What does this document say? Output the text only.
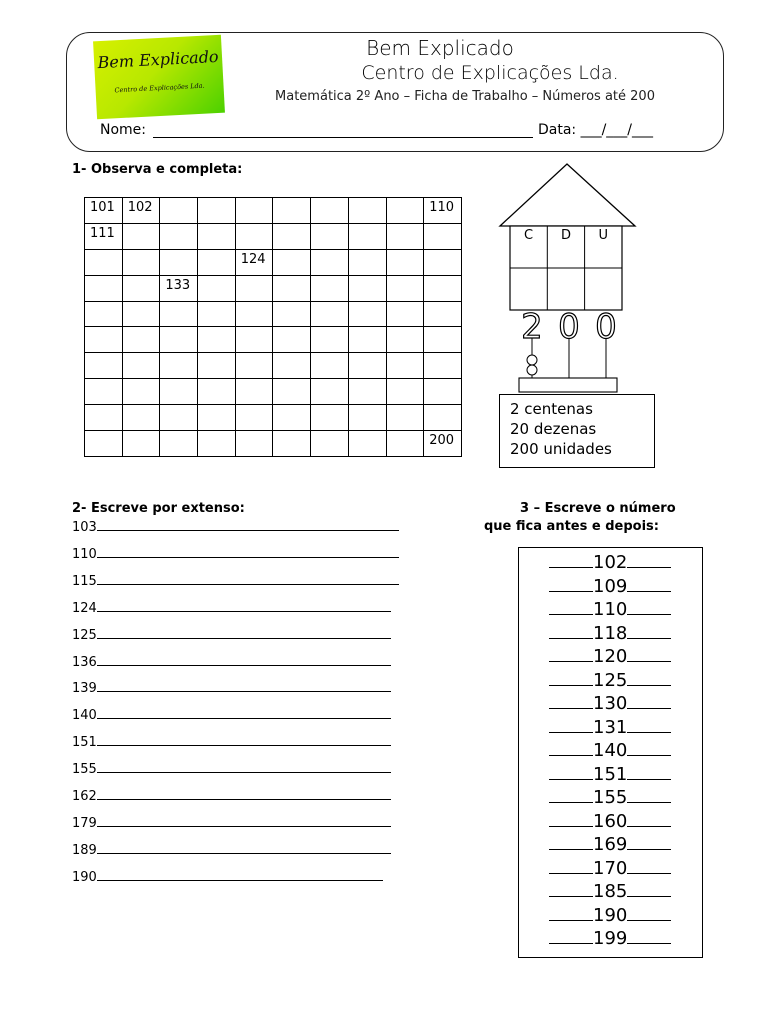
Bem Explicado
Centro de Explicações Lda.
Bem Explicado
Centro de Explicações Lda.
Matemática 2º Ano – Ficha de Trabalho – Números até 200
Nome:	Data: ___/___/___
1- Observa e completa:
101	102								110

111									

				124					

		133							

									200
C D U
2 0 0
2 centenas
20 dezenas
200 unidades
2- Escreve por extenso:
103
110
115
124
125
136
139
140
151
155
162
179
189
190
3 – Escreve o número
que fica antes e depois:
102
109
110
118
120
125
130
131
140
151
155
160
169
170
185
190
199
